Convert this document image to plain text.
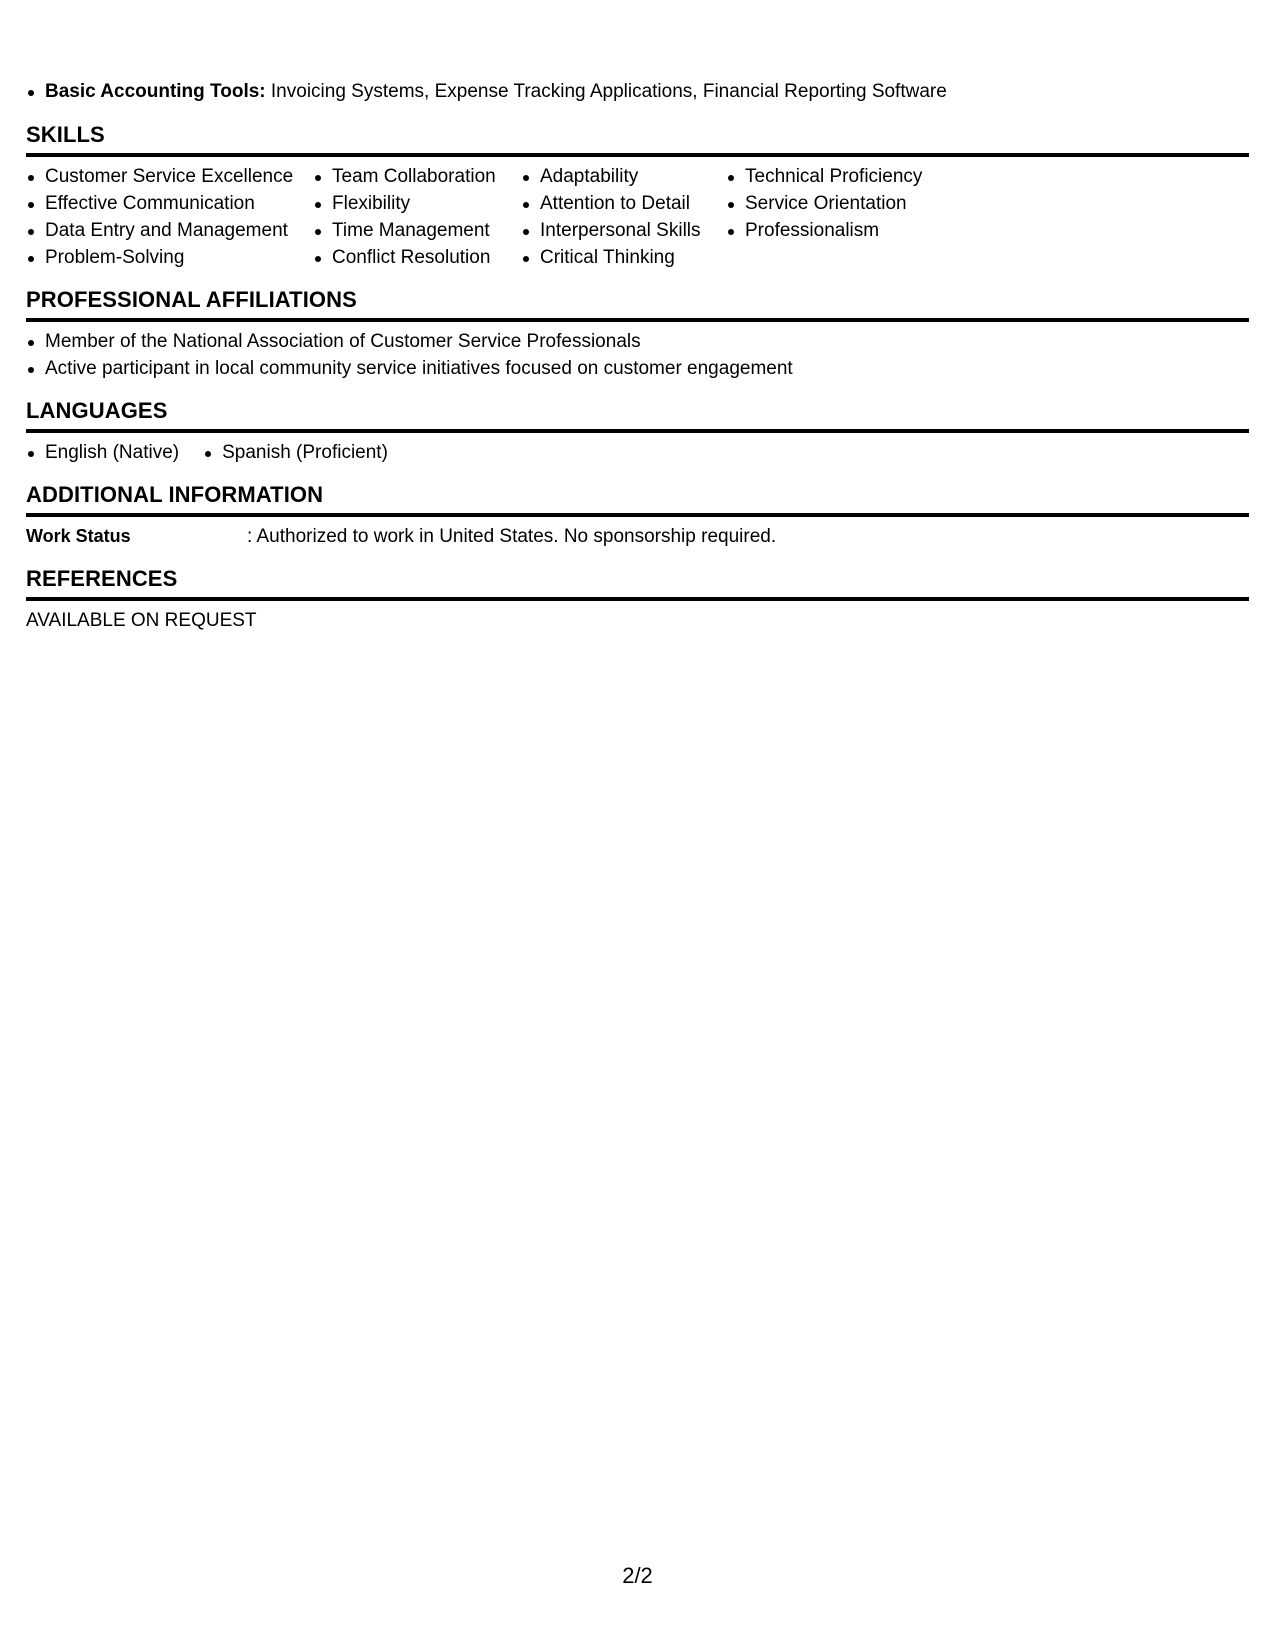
Basic Accounting Tools: Invoicing Systems, Expense Tracking Applications, Financial Reporting Software
SKILLS
Customer Service Excellence
Effective Communication
Data Entry and Management
Problem-Solving
Team Collaboration
Flexibility
Time Management
Conflict Resolution
Adaptability
Attention to Detail
Interpersonal Skills
Critical Thinking
Technical Proficiency
Service Orientation
Professionalism
PROFESSIONAL AFFILIATIONS
Member of the National Association of Customer Service Professionals
Active participant in local community service initiatives focused on customer engagement
LANGUAGES
English (Native)	Spanish (Proficient)
ADDITIONAL INFORMATION
Work Status	: Authorized to work in United States. No sponsorship required.
REFERENCES
AVAILABLE ON REQUEST
2/2
